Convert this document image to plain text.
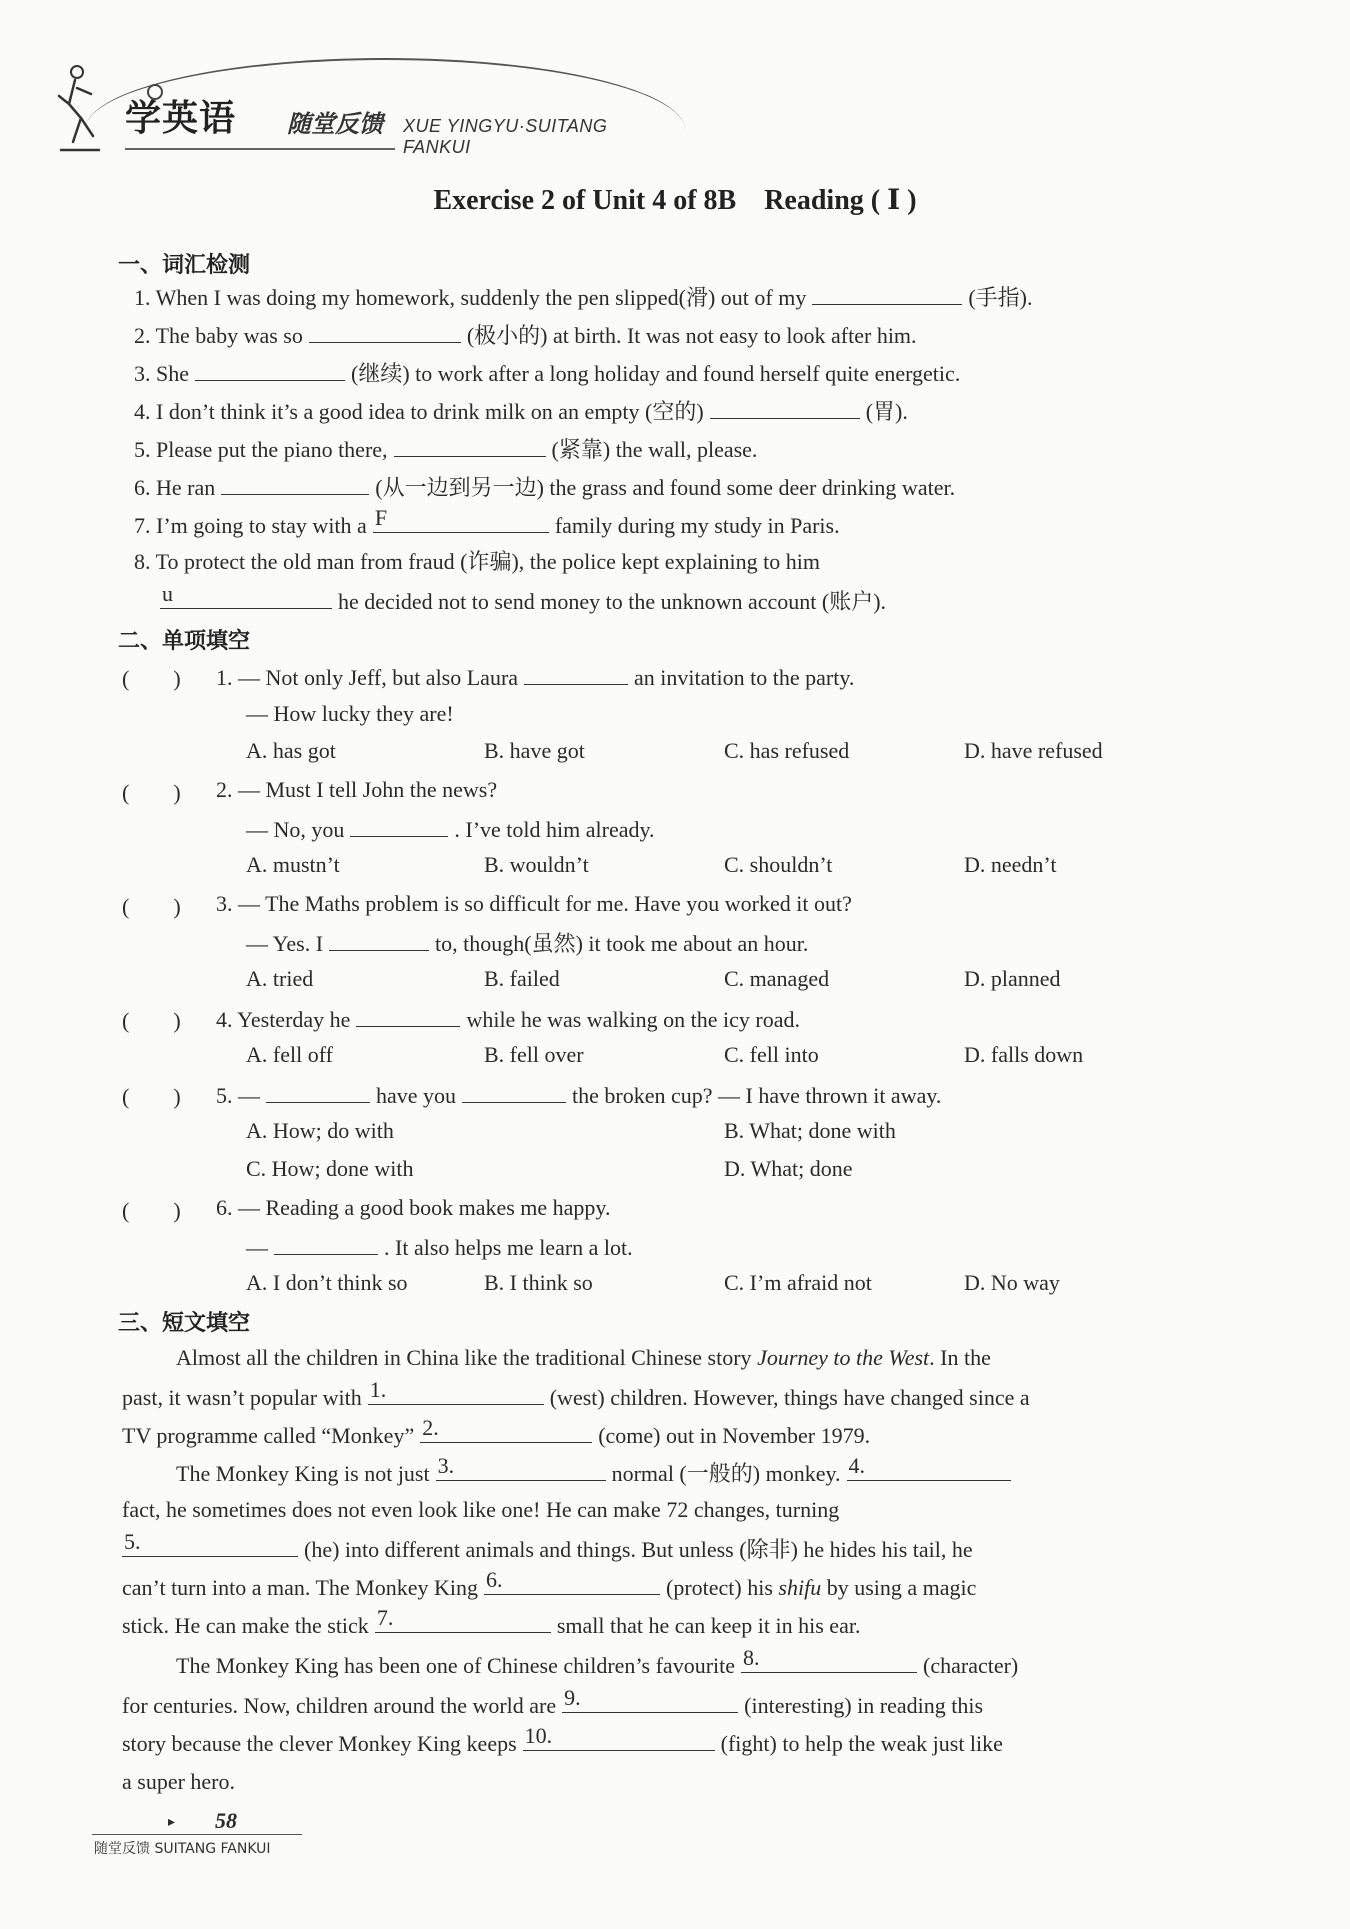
学英语 随堂反馈 XUE YINGYU·SUITANG FANKUI
Exercise 2 of Unit 4 of 8B　Reading ( Ⅰ )
一、词汇检测
1. When I was doing my homework, suddenly the pen slipped(滑) out of my	(手指).
2. The baby was so	(极小的) at birth. It was not easy to look after him.
3. She	(继续) to work after a long holiday and found herself quite energetic.
4. I don’t think it’s a good idea to drink milk on an empty (空的)	(胃).
5. Please put the piano there,	(紧靠) the wall, please.
6. He ran	(从一边到另一边) the grass and found some deer drinking water.
7. I’m going to stay with a F	family during my study in Paris.
8. To protect the old man from fraud (诈骗), the police kept explaining to him
u	he decided not to send money to the unknown account (账户).
二、单项填空
(　　) 1. — Not only Jeff, but also Laura	an invitation to the party.
— How lucky they are!
A. has got	B. have got	C. has refused	D. have refused
(　　) 2. — Must I tell John the news?
— No, you	. I’ve told him already.
A. mustn’t	B. wouldn’t	C. shouldn’t	D. needn’t
(　　) 3. — The Maths problem is so difficult for me. Have you worked it out?
— Yes. I	to, though(虽然) it took me about an hour.
A. tried	B. failed	C. managed	D. planned
(　　) 4. Yesterday he	while he was walking on the icy road.
A. fell off	B. fell over	C. fell into	D. falls down
(　　) 5. —	have you	the broken cup? — I have thrown it away.
A. How; do with	B. What; done with
C. How; done with	D. What; done
(　　) 6. — Reading a good book makes me happy.
—	. It also helps me learn a lot.
A. I don’t think so	B. I think so	C. I’m afraid not	D. No way
三、短文填空
Almost all the children in China like the traditional Chinese story Journey to the West. In the
past, it wasn’t popular with 1.	(west) children. However, things have changed since a
TV programme called “Monkey” 2.	(come) out in November 1979.
The Monkey King is not just 3.	normal (一般的) monkey. 4.
fact, he sometimes does not even look like one! He can make 72 changes, turning
5.	(he) into different animals and things. But unless (除非) he hides his tail, he
can’t turn into a man. The Monkey King 6.	(protect) his shifu by using a magic
stick. He can make the stick 7.	small that he can keep it in his ear.
The Monkey King has been one of Chinese children’s favourite 8.	(character)
for centuries. Now, children around the world are 9.	(interesting) in reading this
story because the clever Monkey King keeps 10.	(fight) to help the weak just like
a super hero.
▸ 58
随堂反馈 SUITANG FANKUI
